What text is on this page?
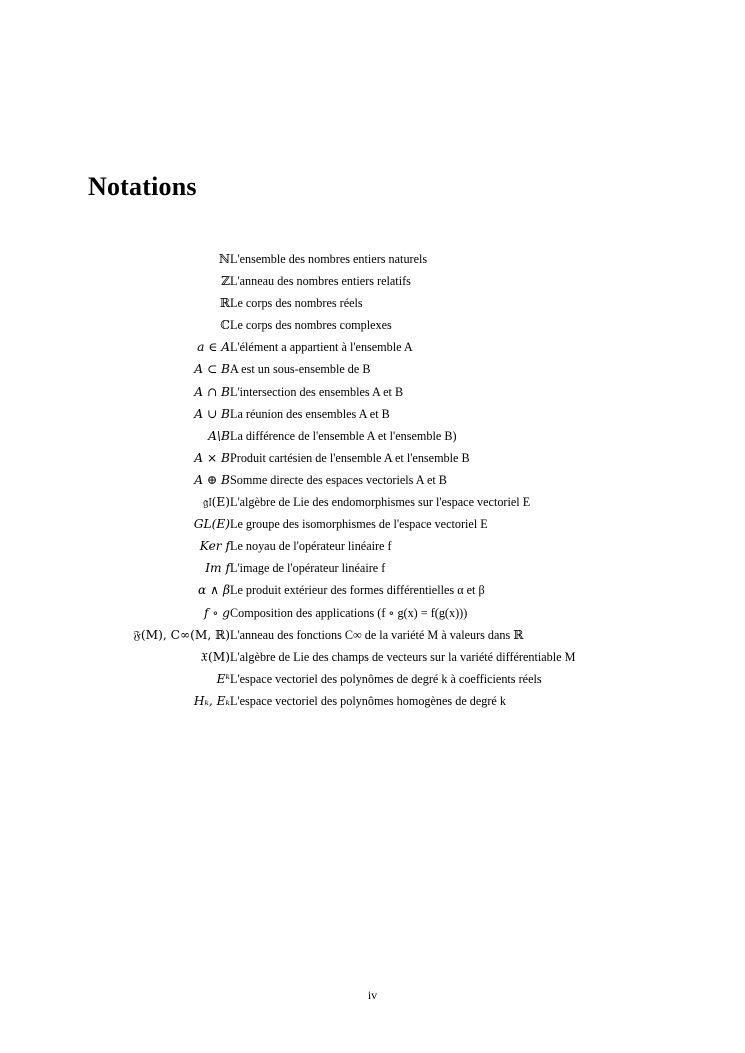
Notations
ℕ	L'ensemble des nombres entiers naturels
ℤ	L'anneau des nombres entiers relatifs
ℝ	Le corps des nombres réels
ℂ	Le corps des nombres complexes
a ∈ A	L'élément a appartient à l'ensemble A
A ⊂ B	A est un sous-ensemble de B
A ∩ B	L'intersection des ensembles A et B
A ∪ B	La réunion des ensembles A et B
A\B	La différence de l'ensemble A et l'ensemble B)
A × B	Produit cartésien de l'ensemble A et l'ensemble B
A ⊕ B	Somme directe des espaces vectoriels A et B
𝔤𝔩(E)	L'algèbre de Lie des endomorphismes sur l'espace vectoriel E
GL(E)	Le groupe des isomorphismes de l'espace vectoriel E
Ker f	Le noyau de l'opérateur linéaire f
Im f	L'image de l'opérateur linéaire f
α ∧ β	Le produit extérieur des formes différentielles α et β
f ∘ g	Composition des applications (f ∘ g(x) = f(g(x)))
𝔉(M), C∞(M, ℝ)	L'anneau des fonctions C∞ de la variété M à valeurs dans ℝ
𝔛(M)	L'algèbre de Lie des champs de vecteurs sur la variété différentiable M
Eᵏ	L'espace vectoriel des polynômes de degré k à coefficients réels
Hₖ, Eₖ	L'espace vectoriel des polynômes homogènes de degré k
iv
